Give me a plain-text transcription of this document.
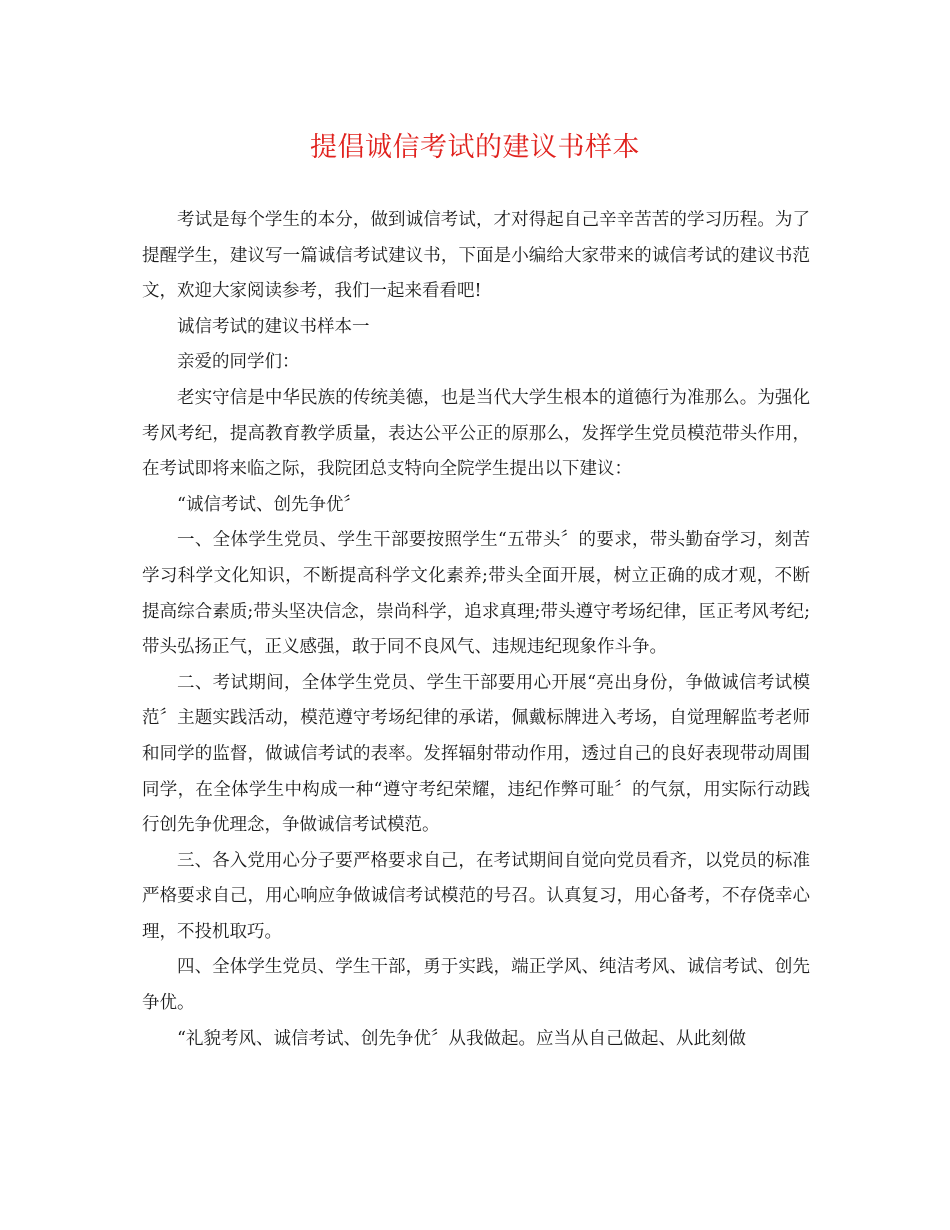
提倡诚信考试的建议书样本

考试是每个学生的本分，做到诚信考试，才对得起自己辛辛苦苦的学习历程。为了提醒学生，建议写一篇诚信考试建议书，下面是小编给大家带来的诚信考试的建议书范文，欢迎大家阅读参考，我们一起来看看吧!

诚信考试的建议书样本一

亲爱的同学们：

老实守信是中华民族的传统美德，也是当代大学生根本的道德行为准那么。为强化考风考纪，提高教育教学质量，表达公平公正的原那么，发挥学生党员模范带头作用，在考试即将来临之际，我院团总支特向全院学生提出以下建议：

“诚信考试、创先争优〞

一、全体学生党员、学生干部要按照学生“五带头〞的要求，带头勤奋学习，刻苦学习科学文化知识，不断提高科学文化素养;带头全面开展，树立正确的成才观，不断提高综合素质;带头坚决信念，崇尚科学，追求真理;带头遵守考场纪律，匡正考风考纪;带头弘扬正气，正义感强，敢于同不良风气、违规违纪现象作斗争。

二、考试期间，全体学生党员、学生干部要用心开展“亮出身份，争做诚信考试模范〞主题实践活动，模范遵守考场纪律的承诺，佩戴标牌进入考场，自觉理解监考老师和同学的监督，做诚信考试的表率。发挥辐射带动作用，透过自己的良好表现带动周围同学，在全体学生中构成一种“遵守考纪荣耀，违纪作弊可耻〞的气氛，用实际行动践行创先争优理念，争做诚信考试模范。

三、各入党用心分子要严格要求自己，在考试期间自觉向党员看齐，以党员的标准严格要求自己，用心响应争做诚信考试模范的号召。认真复习，用心备考，不存侥幸心理，不投机取巧。

四、全体学生党员、学生干部，勇于实践，端正学风、纯洁考风、诚信考试、创先争优。

“礼貌考风、诚信考试、创先争优〞从我做起。应当从自己做起、从此刻做
